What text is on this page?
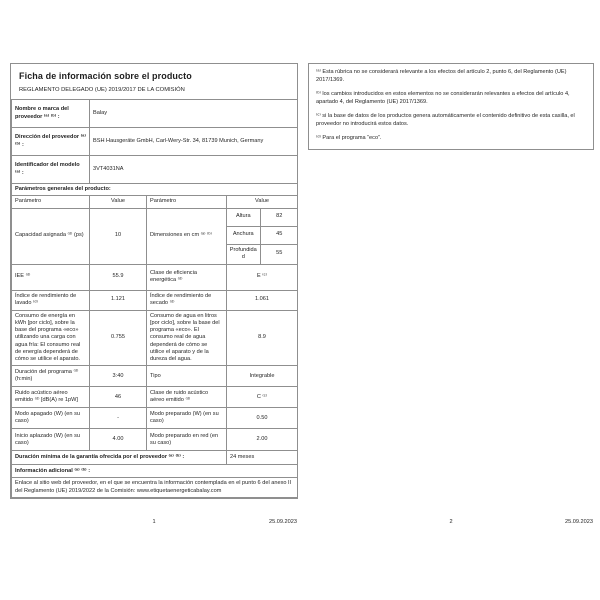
Ficha de información sobre el producto
REGLAMENTO DELEGADO (UE) 2019/2017 DE LA COMISIÓN
Nombre o marca del proveedor ⁽ᵃ⁾ ⁽ᵇ⁾ :	Balay
Dirección del proveedor ⁽ᵃ⁾ ⁽ᵇ⁾ :	BSH Hausgeräte GmbH, Carl-Wery-Str. 34, 81739 Munich, Germany
Identificador del modelo ⁽ᵃ⁾ :	3VT4031NA
Parámetros generales del producto:
Parámetro	Value	Parámetro	Value
Capacidad asignada ⁽ᵈ⁾ (ps)	10	Dimensiones en cm ⁽ᵃ⁾ ⁽ᵇ⁾	
Altura	82
Anchura	45
Profundidad	55

IEE ⁽ᵈ⁾	55.9	Clase de eficiencia energética ⁽ᵈ⁾	E ⁽ᶜ⁾
Índice de rendimiento de lavado ⁽ᵈ⁾	1.121	Índice de rendimiento de secado ⁽ᵈ⁾	1.061
Consumo de energía en kWh [por ciclo], sobre la base del programa «eco» utilizando una carga con agua fría: El consumo real de energía dependerá de cómo se utilice el aparato.	0.755	Consumo de agua en litros [por ciclo], sobre la base del programa «eco». El consumo real de agua dependerá de cómo se utilice el aparato y de la dureza del agua.	8.9
Duración del programa ⁽ᵈ⁾ (h:min)	3:40	Tipo	Integrable
Ruido acústico aéreo emitido ⁽ᵈ⁾ [dB(A) re 1pW]	46	Clase de ruido acústico aéreo emitido ⁽ᵈ⁾	C ⁽ᶜ⁾
Modo apagado (W) (en su caso)	-	Modo preparado (W) (en su caso)	0.50
Inicio aplazado (W) (en su caso)	4.00	Modo preparado en red (en su caso)	2.00
Duración mínima de la garantía ofrecida por el proveedor ⁽ᵃ⁾ ⁽ᵇ⁾ :	24 meses
Información adicional ⁽ᵃ⁾ ⁽ᵇ⁾ :
Enlace al sitio web del proveedor, en el que se encuentra la información contemplada en el punto 6 del anexo II del Reglamento (UE) 2019/2022 de la Comisión: www.etiquetaenergeticabalay.com

⁽ᵃ⁾ Esta rúbrica no se considerará relevante a los efectos del artículo 2, punto 6, del Reglamento (UE) 2017/1369.

⁽ᵇ⁾ los cambios introducidos en estos elementos no se considerarán relevantes a efectos del artículo 4, apartado 4, del Reglamento (UE) 2017/1369.

⁽ᶜ⁾ si la base de datos de los productos genera automáticamente el contenido definitivo de esta casilla, el proveedor no introducirá estos datos.

⁽ᵈ⁾ Para el programa “eco”.

1	25.09.2023	2	25.09.2023
